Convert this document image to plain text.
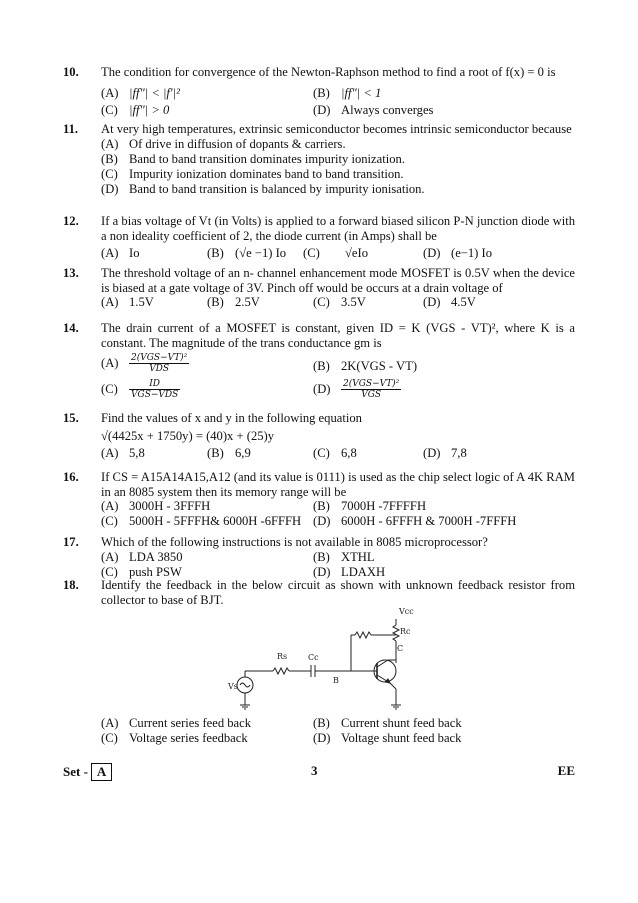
10. The condition for convergence of the Newton-Raphson method to find a root of f(x) = 0 is
(A) |ff″| < |f′|²	(B) |ff″| < 1
(C) |ff″| > 0	(D) Always converges
11. At very high temperatures, extrinsic semiconductor becomes intrinsic semiconductor because
(A) Of drive in diffusion of dopants & carriers.
(B) Band to band transition dominates impurity ionization.
(C) Impurity ionization dominates band to band transition.
(D) Band to band transition is balanced by impurity ionisation.
12. If a bias voltage of Vt (in Volts) is applied to a forward biased silicon P-N junction diode with a non ideality coefficient of 2, the diode current (in Amps) shall be
(A) Io	(B) (√e −1) Io (C) √eIo	(D) (e−1) Io
13. The threshold voltage of an n- channel enhancement mode MOSFET is 0.5V when the device is biased at a gate voltage of 3V. Pinch off would be occurs at a drain voltage of
(A) 1.5V	(B) 2.5V	(C) 3.5V	(D) 4.5V
14. The drain current of a MOSFET is constant, given ID = K (VGS - VT)², where K is a constant. The magnitude of the trans conductance gm is
$(A) \frac{\text{2(VGS−VT)²}}{\text{VDS}}$	(B) 2K(VGS - VT)
$(C) \frac{ID}{\text{VGS−VDS}}$	$(D) \frac{\text{2(VGS−VT)²}}{\text{VGS}}$
15. Find the values of x and y in the following equation
√(4425x + 1750y) = (40)x + (25)y
(A) 5,8	(B) 6,9	(C) 6,8	(D) 7,8
16. If CS = A15A14A15,A12 (and its value is 0111) is used as the chip select logic of A 4K RAM in an 8085 system then its memory range will be
(A) 3000H - 3FFFH	(B) 7000H -7FFFFH
(C) 5000H - 5FFFH& 6000H -6FFFH (D) 6000H - 6FFFH & 7000H -7FFFH
17. Which of the following instructions is not available in 8085 microprocessor?
(A) LDA 3850	(B) XTHL
(C) push PSW	(D) LDAXH
18. Identify the feedback in the below circuit as shown with unknown feedback resistor from collector to base of BJT.
Vcc
Rc
C
Cc
Rs
B
Vs
(A) Current series feed back	(B) Current shunt feed back
(C) Voltage series feedback	(D) Voltage shunt feed back
Set - A	3	EE
